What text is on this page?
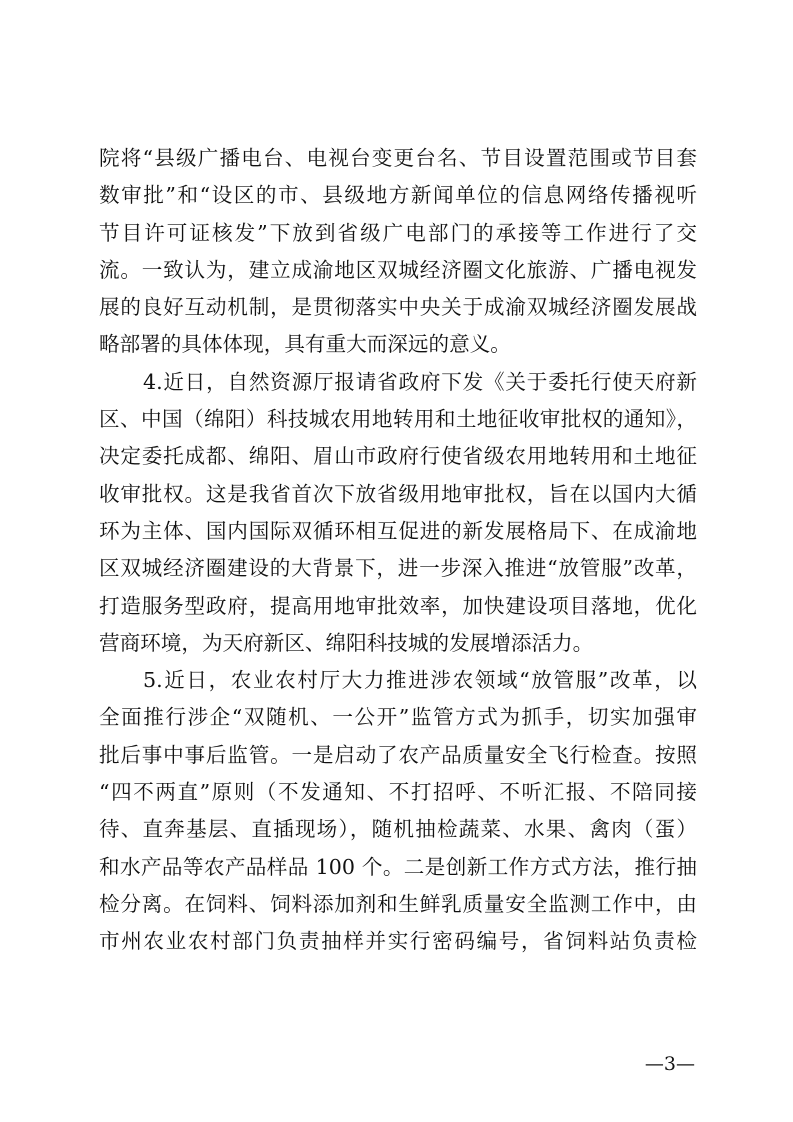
院将“县级广播电台、电视台变更台名、节目设置范围或节目套
数审批”和“设区的市、县级地方新闻单位的信息网络传播视听
节目许可证核发”下放到省级广电部门的承接等工作进行了交
流。一致认为，建立成渝地区双城经济圈文化旅游、广播电视发
展的良好互动机制，是贯彻落实中央关于成渝双城经济圈发展战
略部署的具体体现，具有重大而深远的意义。
4.近日，自然资源厅报请省政府下发《关于委托行使天府新
区、中国（绵阳）科技城农用地转用和土地征收审批权的通知》，
决定委托成都、绵阳、眉山市政府行使省级农用地转用和土地征
收审批权。这是我省首次下放省级用地审批权，旨在以国内大循
环为主体、国内国际双循环相互促进的新发展格局下、在成渝地
区双城经济圈建设的大背景下，进一步深入推进“放管服”改革，
打造服务型政府，提高用地审批效率，加快建设项目落地，优化
营商环境，为天府新区、绵阳科技城的发展增添活力。
5.近日，农业农村厅大力推进涉农领域“放管服”改革，以
全面推行涉企“双随机、一公开”监管方式为抓手，切实加强审
批后事中事后监管。一是启动了农产品质量安全飞行检查。按照
“四不两直”原则（不发通知、不打招呼、不听汇报、不陪同接
待、直奔基层、直插现场），随机抽检蔬菜、水果、禽肉（蛋）
和水产品等农产品样品 100 个。二是创新工作方式方法，推行抽
检分离。在饲料、饲料添加剂和生鲜乳质量安全监测工作中，由
市州农业农村部门负责抽样并实行密码编号，省饲料站负责检
—3—
